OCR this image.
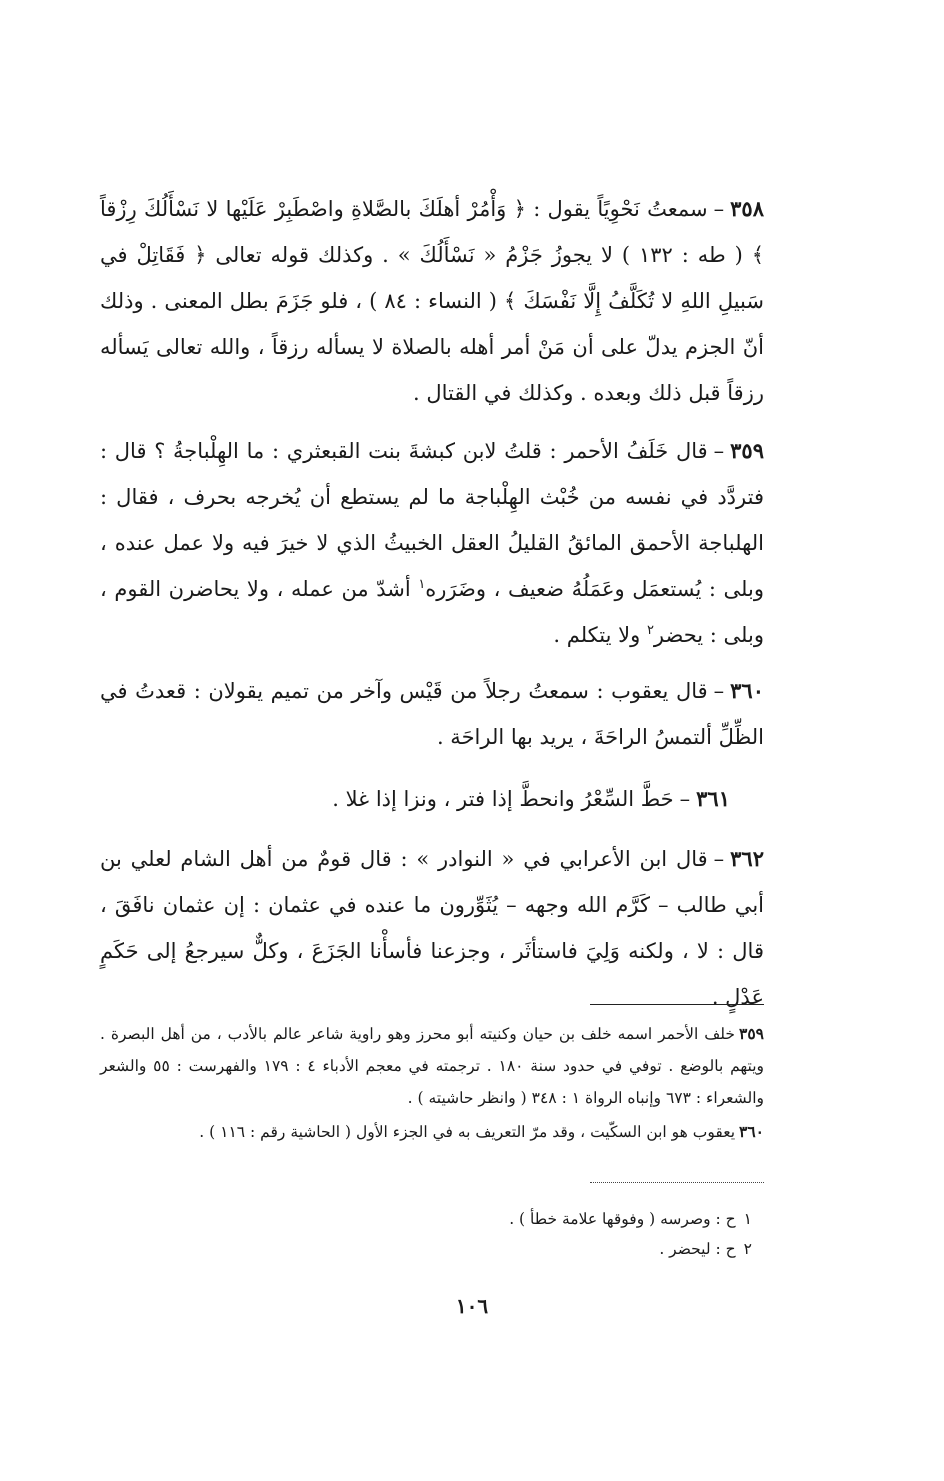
٣٥٨–سمعتُ نَحْوِيًاً يقول : ﴿ وَأْمُرْ أهلَكَ بالصَّلاةِ واصْطَبِرْ عَلَيْها لا نَسْأَلُكَ رِزْقاً ﴾ ( طه : ١٣٢ ) لا يجوزُ جَزْمُ « نَسْأَلُكَ » . وكذلك قوله تعالى ﴿ فَقَاتِلْ في سَبيلِ اللهِ لا تُكَلَّفُ إِلَّا نَفْسَكَ ﴾ ( النساء : ٨٤ ) ، فلو جَزَمَ بطل المعنى . وذلك أنّ الجزم يدلّ على أن مَنْ أمر أهله بالصلاة لا يسأله رزقاً ، والله تعالى يَسأله رزقاً قبل ذلك وبعده . وكذلك في القتال .
٣٥٩–قال خَلَفُ الأحمر : قلتُ لابن كبشةَ بنت القبعثري : ما الهِلْباجةُ ؟ قال : فتردَّد في نفسه من خُبْث الهِلْباجة ما لم يستطع أن يُخرجه بحرف ، فقال : الهلباجة الأحمق المائقُ القليلُ العقل الخبيثُ الذي لا خيرَ فيه ولا عمل عنده ، وبلى : يُستعمَل وعَمَلُهُ ضعيف ، وضَرَره$^١$ أشدّ من عمله ، ولا يحاضرن القوم ، وبلى : يحضر$^٢$ ولا يتكلم .
٣٦٠–قال يعقوب : سمعتُ رجلاً من قَيْس وآخر من تميم يقولان : قعدتُ في الظِّلِّ ألتمسُ الراحَةَ ، يريد بها الراحَة .
٣٦١–حَطَّ السِّعْرُ وانحطَّ إذا فتر ، ونزا إذا غلا .
٣٦٢–قال ابن الأعرابي في « النوادر » : قال قومٌ من أهل الشام لعلي بن أبي طالب – كَرَّم الله وجهه – يُثَوِّرون ما عنده في عثمان : إن عثمان نافَقَ ، قال : لا ، ولكنه وَلِيَ فاستأثَر ، وجزعنا فأسأْنا الجَزَعَ ، وكلٌّ سيرجعُ إلى حَكَمٍ عَدْلٍ .
٣٥٩خلف الأحمر اسمه خلف بن حيان وكنيته أبو محرز وهو راوية شاعر عالم بالأدب ، من أهل البصرة . ويتهم بالوضع . توفي في حدود سنة ١٨٠ . ترجمته في معجم الأدباء ٤ : ١٧٩ والفهرست : ٥٥ والشعر والشعراء : ٦٧٣ وإنباه الرواة ١ : ٣٤٨ ( وانظر حاشيته ) .
٣٦٠يعقوب هو ابن السكّيت ، وقد مرّ التعريف به في الجزء الأول ( الحاشية رقم : ١١٦ ) .
١ح : وصرسه ( وفوقها علامة خطأ ) .
٢ح : ليحضر .
١٠٦
